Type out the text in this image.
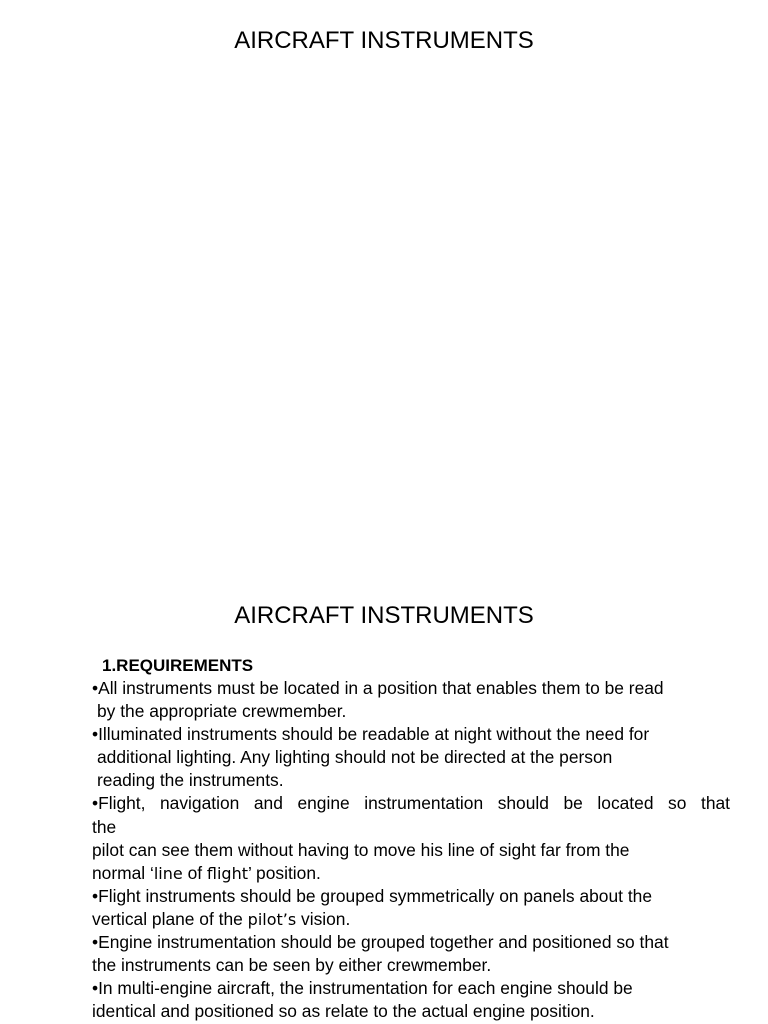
AIRCRAFT INSTRUMENTS
AIRCRAFT INSTRUMENTS
1.REQUIREMENTS
•All instruments must be located in a position that enables them to be read
by the appropriate crewmember.
•Illuminated instruments should be readable at night without the need for
additional lighting. Any lighting should not be directed at the person
reading the instruments.
•Flight, navigation and engine instrumentation should be located so that
the
pilot can see them without having to move his line of sight far from the
normal ‘line of flight’ position.
•Flight instruments should be grouped symmetrically on panels about the
vertical plane of the pilot’s vision.
•Engine instrumentation should be grouped together and positioned so that
the instruments can be seen by either crewmember.
•In multi-engine aircraft, the instrumentation for each engine should be
identical and positioned so as relate to the actual engine position.
